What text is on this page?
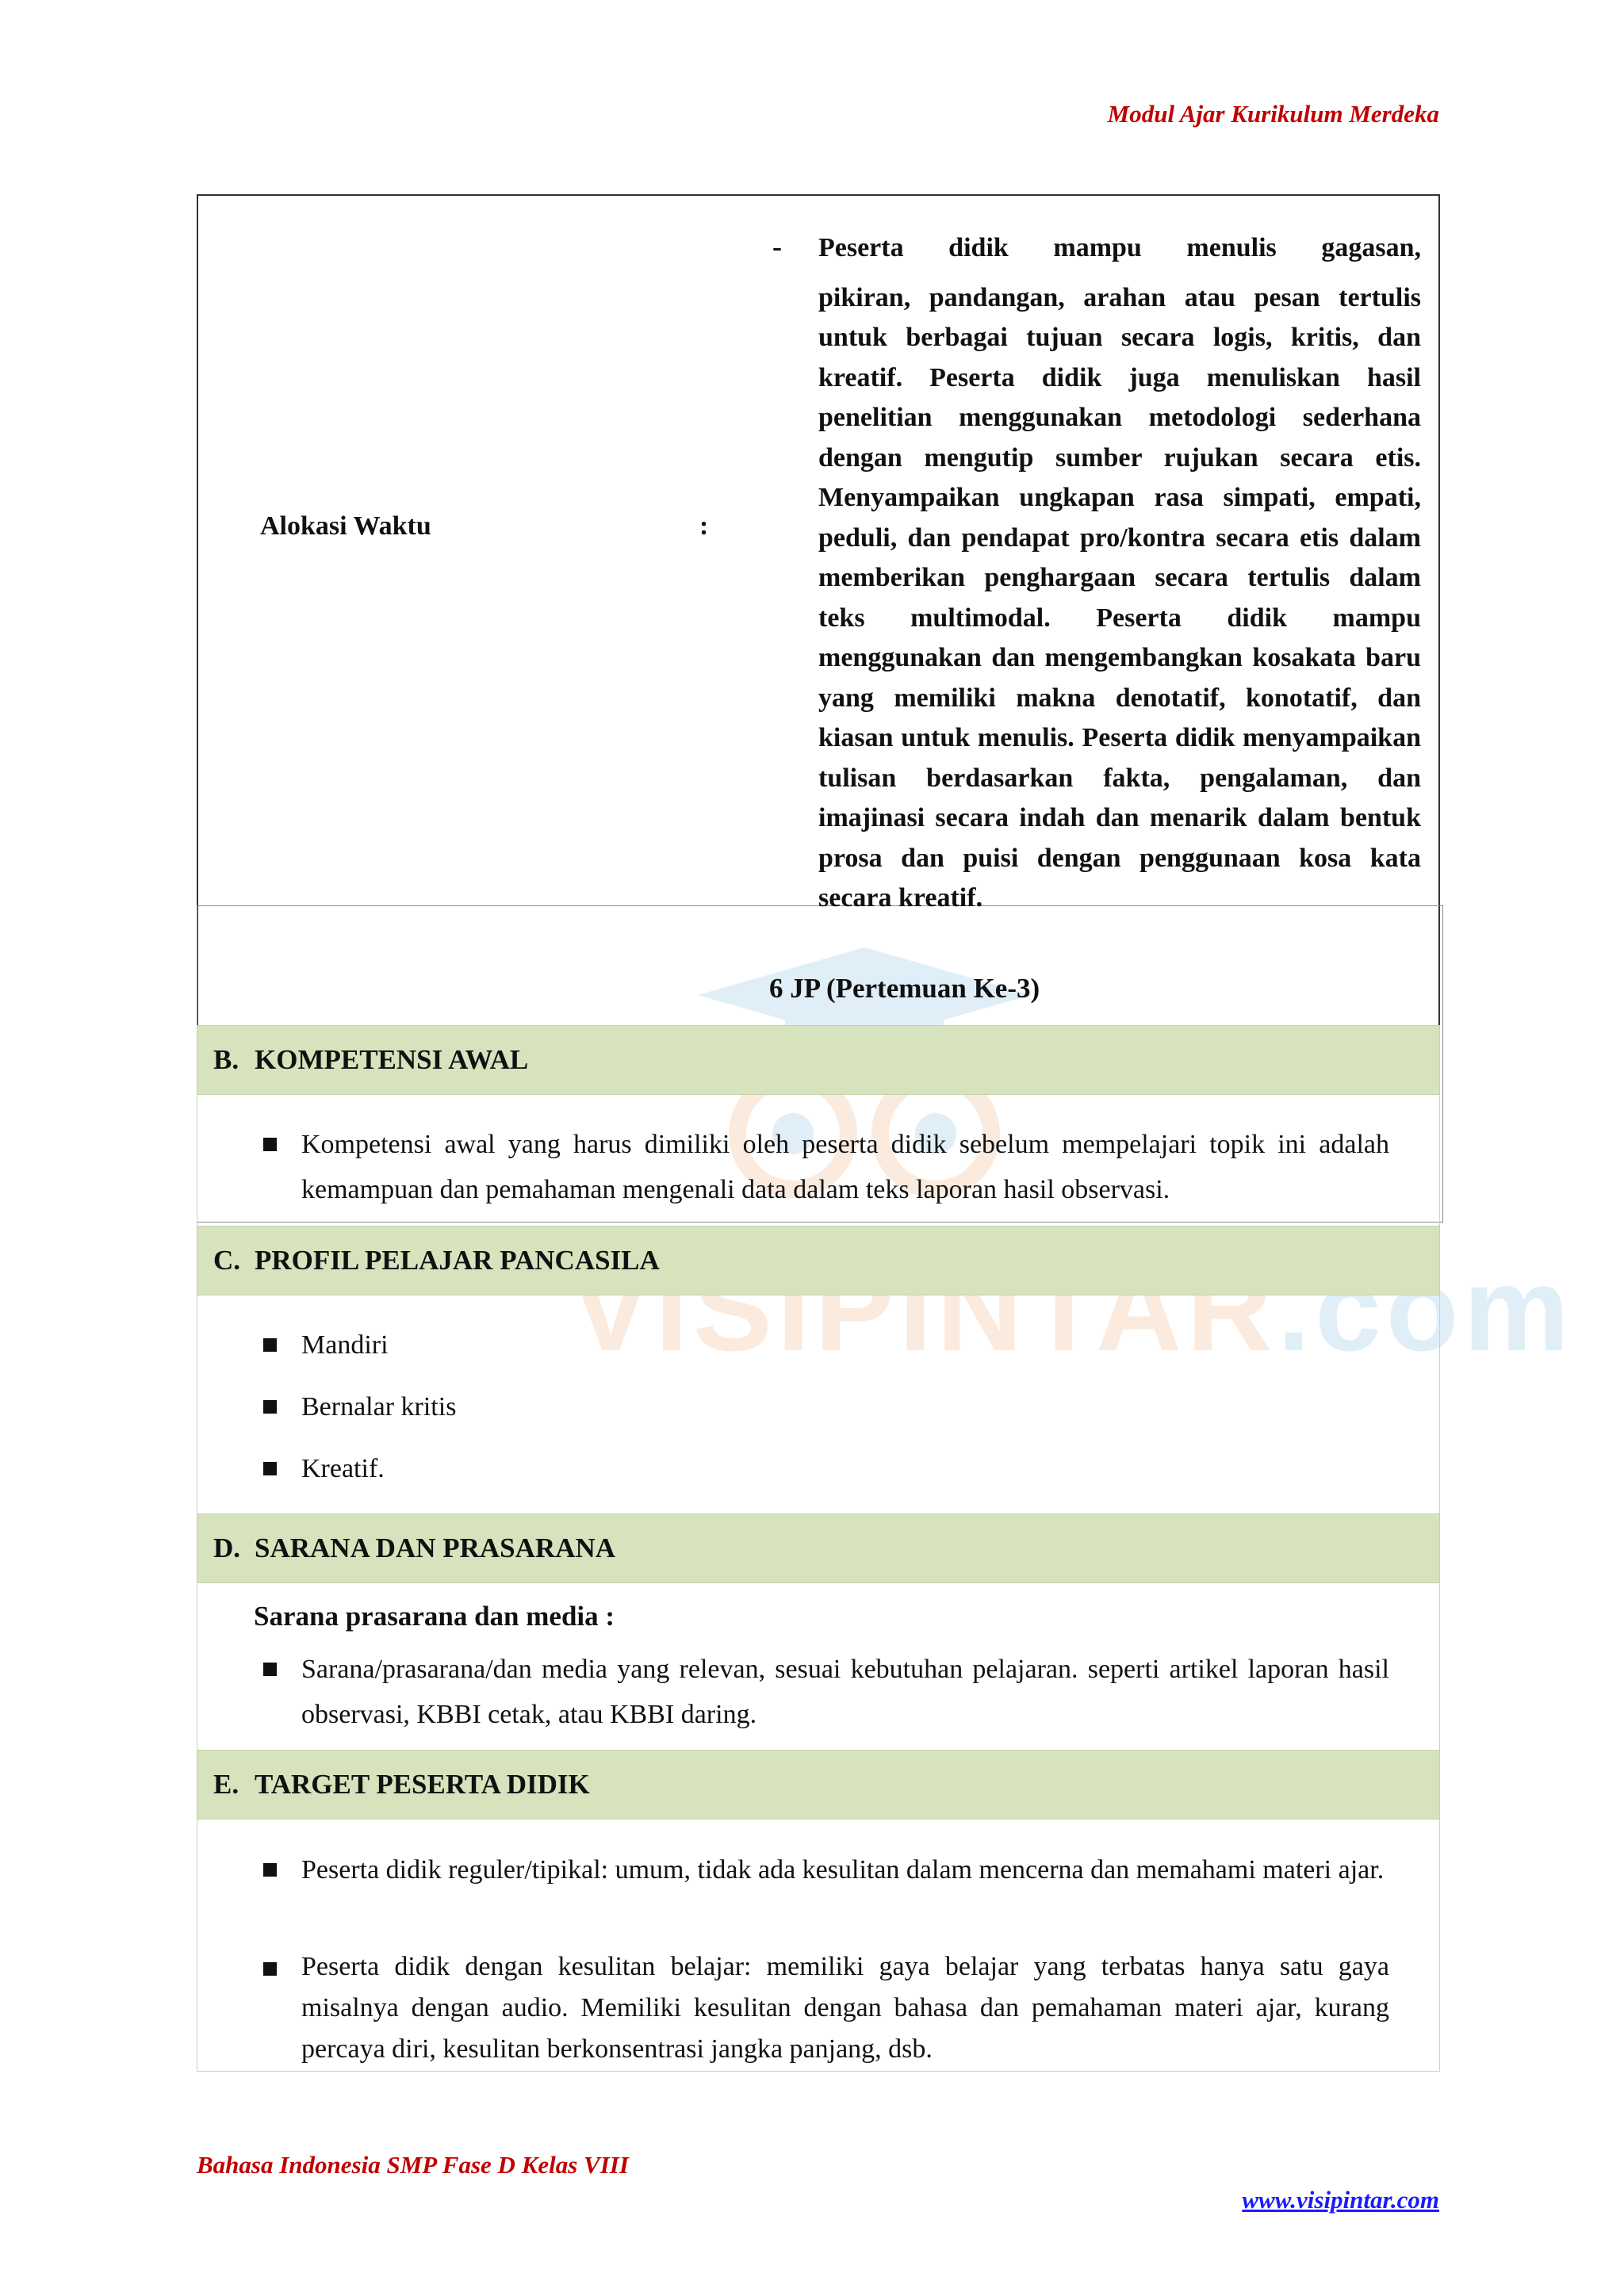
Modul Ajar Kurikulum Merdeka
VISIPINTAR.com
Alokasi Waktu	:
- Peserta didik mampu menulis gagasan,
pikiran, pandangan, arahan atau pesan tertulis untuk berbagai tujuan secara logis, kritis, dan kreatif. Peserta didik juga menuliskan hasil penelitian menggunakan metodologi sederhana dengan mengutip sumber rujukan secara etis. Menyampaikan ungkapan rasa simpati, empati, peduli, dan pendapat pro/kontra secara etis dalam memberikan penghargaan secara tertulis dalam teks multimodal. Peserta didik mampu menggunakan dan mengembangkan kosakata baru yang memiliki makna denotatif, konotatif, dan kiasan untuk menulis. Peserta didik menyampaikan tulisan berdasarkan fakta, pengalaman, dan imajinasi secara indah dan menarik dalam bentuk prosa dan puisi dengan penggunaan kosa kata secara kreatif.
6 JP (Pertemuan Ke-3)
B. KOMPETENSI AWAL
Kompetensi awal yang harus dimiliki oleh peserta didik sebelum mempelajari topik ini adalah kemampuan dan pemahaman mengenali data dalam teks laporan hasil observasi.
C. PROFIL PELAJAR PANCASILA
Mandiri
Bernalar kritis
Kreatif.
D. SARANA DAN PRASARANA
Sarana prasarana dan media :
Sarana/prasarana/dan media yang relevan, sesuai kebutuhan pelajaran. seperti artikel laporan hasil observasi, KBBI cetak, atau KBBI daring.
E. TARGET PESERTA DIDIK
Peserta didik reguler/tipikal: umum, tidak ada kesulitan dalam mencerna dan memahami materi ajar.
Peserta didik dengan kesulitan belajar: memiliki gaya belajar yang terbatas hanya satu gaya misalnya dengan audio. Memiliki kesulitan dengan bahasa dan pemahaman materi ajar, kurang percaya diri, kesulitan berkonsentrasi jangka panjang, dsb.
Bahasa Indonesia SMP Fase D Kelas VIII
www.visipintar.com
